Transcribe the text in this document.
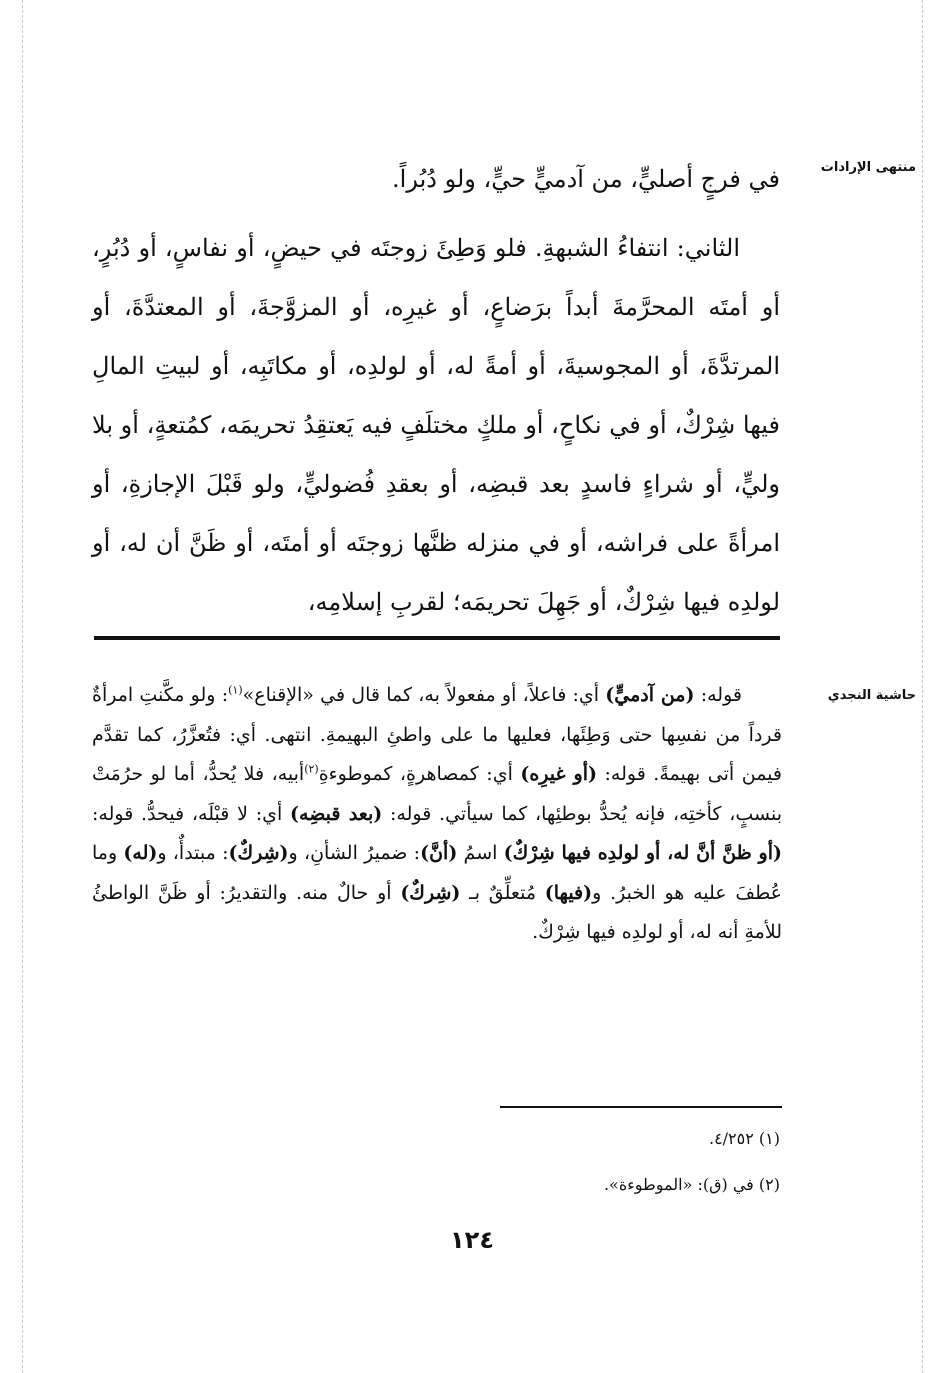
منتهى الإرادات
حاشية النجدي

في فرجٍ أصليٍّ، من آدميٍّ حيٍّ، ولو دُبُراً.

الثاني: انتفاءُ الشبهةِ. فلو وَطِئَ زوجتَه في حيضٍ، أو نفاسٍ، أو دُبُرٍ، أو أمتَه المحرَّمةَ أبداً برَضاعٍ، أو غيرِه، أو المزوَّجةَ، أو المعتدَّةَ، أو المرتدَّةَ، أو المجوسيةَ، أو أمةً له، أو لولدِه، أو مكاتَبِه، أو لبيتِ المالِ فيها شِرْكٌ، أو في نكاحٍ، أو ملكٍ مختلَفٍ فيه يَعتقِدُ تحريمَه، كمُتعةٍ، أو بلا وليٍّ، أو شراءٍ فاسدٍ بعد قبضِه، أو بعقدِ فُضوليٍّ، ولو قَبْلَ الإجازةِ، أو امرأةً على فراشه، أو في منزله ظنَّها زوجتَه أو أمتَه، أو ظَنَّ أن له، أو لولدِه فيها شِرْكٌ، أو جَهِلَ تحريمَه؛ لقربِ إسلامِه،

قوله: (من آدميٍّ) أي: فاعلاً، أو مفعولاً به، كما قال في «الإقناع»$^{(١)}$: ولو مكَّنتِ امرأةٌ قرداً من نفسِها حتى وَطِئَها، فعليها ما على واطئِ البهيمةِ. انتهى. أي: فتُعزَّرُ، كما تقدَّم فيمن أتى بهيمةً. قوله: (أو غيرِه) أي: كمصاهرةٍ، كموطوءةِ$^{(٢)}$أبيه، فلا يُحدُّ، أما لو حرُمَتْ بنسبٍ، كأختِه، فإنه يُحدُّ بوطئِها، كما سيأتي. قوله: (بعد قبضِه) أي: لا قبْلَه، فيحدُّ. قوله: (أو ظنَّ أنَّ له، أو لولدِه فيها شِرْكٌ) اسمُ (أنَّ): ضميرُ الشأنِ، و(شِركٌ): مبتدأٌ، و(له) وما عُطفَ عليه هو الخبرُ. و(فيها) مُتعلِّقٌ بـ (شِركٌ) أو حالٌ منه. والتقديرُ: أو ظَنَّ الواطئُ للأمةِ أنه له، أو لولدِه فيها شِرْكٌ.

(١) ٤/٢٥٢.
(٢) في (ق): «الموطوءة».
١٢٤
